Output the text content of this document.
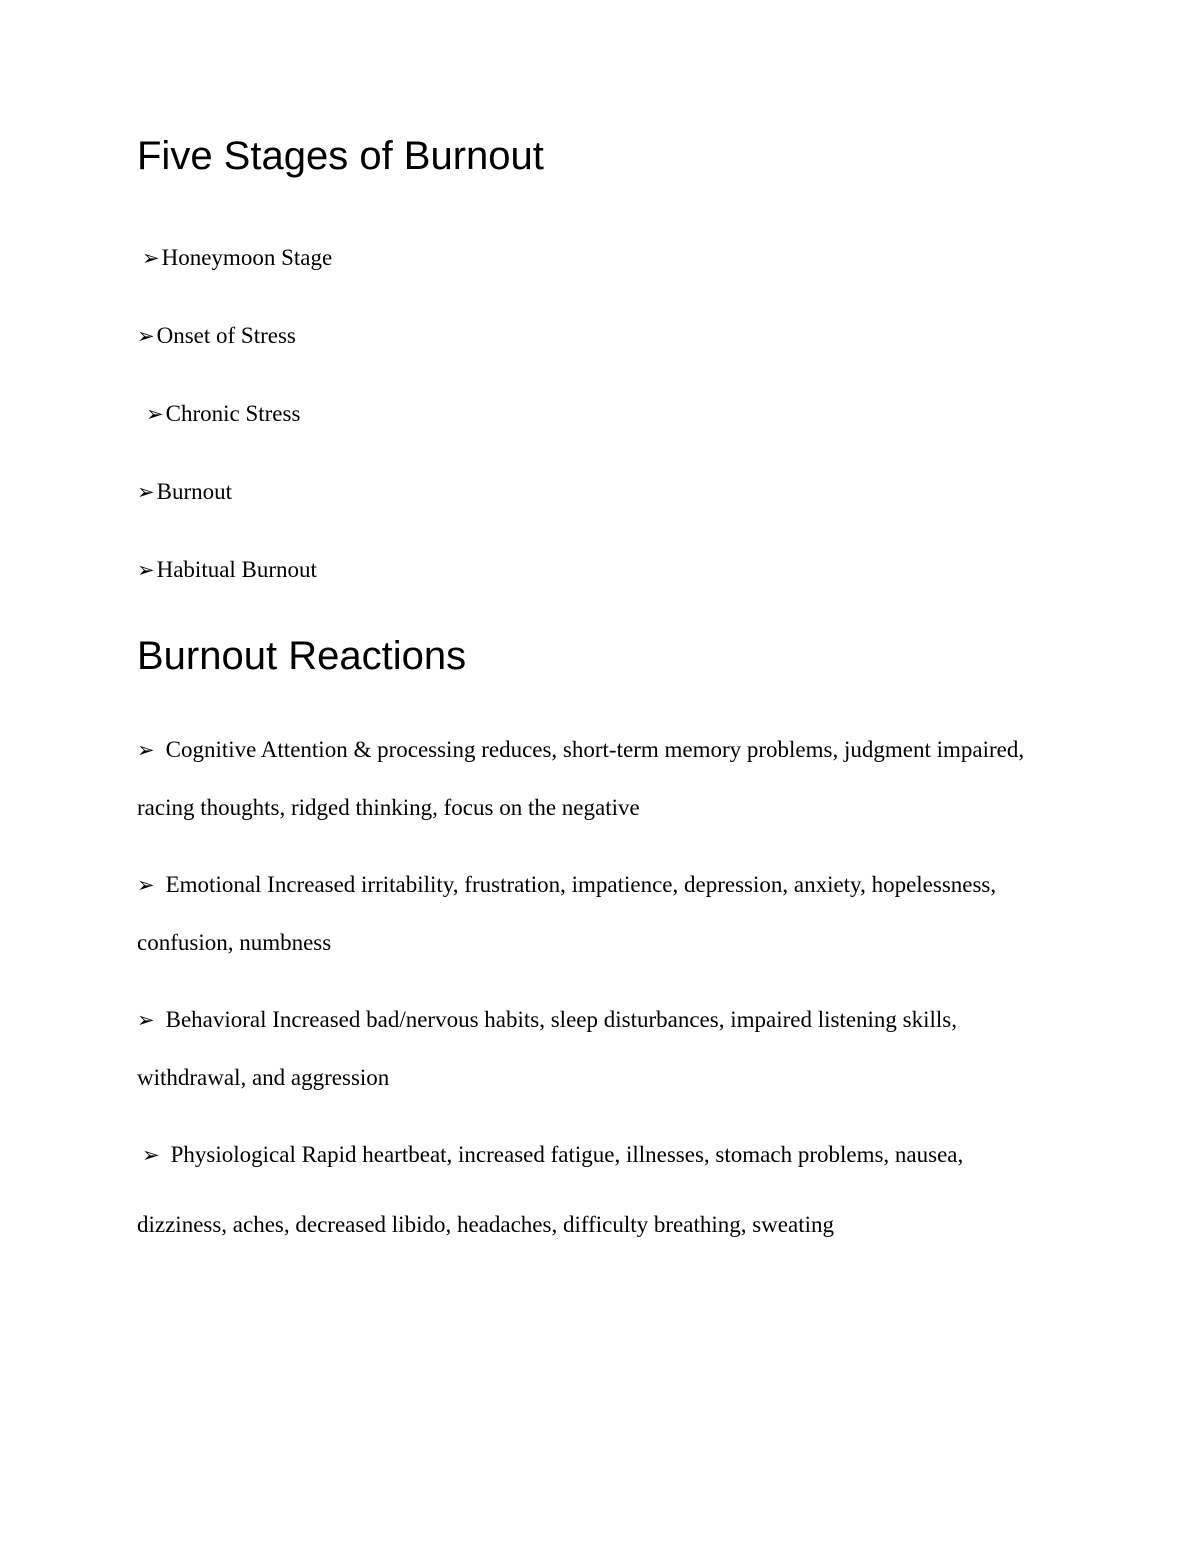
Five Stages of Burnout
➢Honeymoon Stage
➢Onset of Stress
➢Chronic Stress
➢Burnout
➢Habitual Burnout
Burnout Reactions
➢ Cognitive Attention & processing reduces, short-term memory problems, judgment impaired,
racing thoughts, ridged thinking, focus on the negative
➢ Emotional Increased irritability, frustration, impatience, depression, anxiety, hopelessness,
confusion, numbness
➢ Behavioral Increased bad/nervous habits, sleep disturbances, impaired listening skills,
withdrawal, and aggression
➢ Physiological Rapid heartbeat, increased fatigue, illnesses, stomach problems, nausea,
dizziness, aches, decreased libido, headaches, difficulty breathing, sweating
